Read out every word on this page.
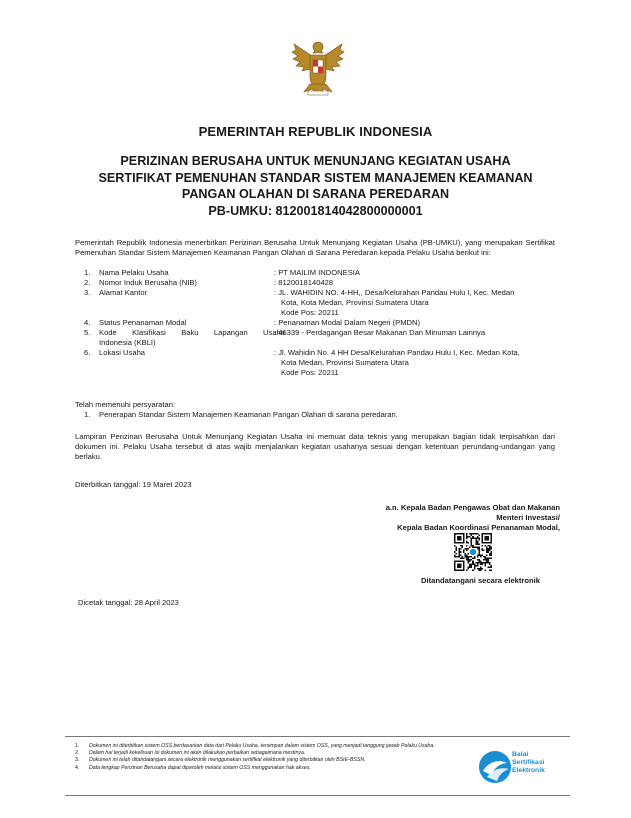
PEMERINTAH REPUBLIK INDONESIA
PERIZINAN BERUSAHA UNTUK MENUNJANG KEGIATAN USAHA
SERTIFIKAT PEMENUHAN STANDAR SISTEM MANAJEMEN KEAMANAN
PANGAN OLAHAN DI SARANA PEREDARAN
PB-UMKU: 812001814042800000001
Pemerintah Republik Indonesia menerbitkan Perizinan Berusaha Untuk Menunjang Kegiatan Usaha (PB-UMKU), yang merupakan Sertifikat Pemenuhan Standar Sistem Manajemen Keamanan Pangan Olahan di Sarana Peredaran kepada Pelaku Usaha berikut ini:
1. Nama Pelaku Usaha	: PT MAILIM INDONESIA
2. Nomor Induk Berusaha (NIB)	: 8120018140428
3. Alamat Kantor	: JL. WAHIDIN NO. 4-HH,, Desa/Kelurahan Pandau Hulu I, Kec. Medan
Kota, Kota Medan, Provinsi Sumatera Utara
Kode Pos: 20211
4. Status Penanaman Modal	: Penanaman Modal Dalam Negeri (PMDN)
5. Kode Klasifikasi Baku Lapangan Usaha
: 46339 - Perdagangan Besar Makanan Dan Minuman Lainnya
Indonesia (KBLI)
6. Lokasi Usaha	: Jl. Wahidin No. 4 HH Desa/Kelurahan Pandau Hulu I, Kec. Medan Kota,
Kota Medan, Provinsi Sumatera Utara
Kode Pos: 20211
Telah memenuhi persyaratan:
1. Penerapan Standar Sistem Manajemen Keamanan Pangan Olahan di sarana peredaran.
Lampiran Perizinan Berusaha Untuk Menunjang Kegiatan Usaha ini memuat data teknis yang merupakan bagian tidak terpisahkan dari dokumen ini. Pelaku Usaha tersebut di atas wajib menjalankan kegiatan usahanya sesuai dengan ketentuan perundang-undangan yang berlaku.
Diterbitkan tanggal: 19 Maret 2023
a.n. Kepala Badan Pengawas Obat dan Makanan
Menteri Investasi/
Kepala Badan Koordinasi Penanaman Modal,
Ditandatangani secara elektronik
Dicetak tanggal: 28 April 2023
1. Dokumen ini diterbitkan sistem OSS berdasarkan data dari Pelaku Usaha, tersimpan dalam sistem OSS, yang menjadi tanggung jawab Pelaku Usaha.
2. Dalam hal terjadi kekeliruan isi dokumen ini akan dilakukan perbaikan sebagaimana mestinya.
3. Dokumen ini telah ditandatangani secara elektronik menggunakan sertifikat elektronik yang diterbitkan oleh BSrE-BSSN.
4. Data lengkap Perizinan Berusaha dapat diperoleh melalui sistem OSS menggunakan hak akses.
Balai
Sertifikasi
Elektronik
